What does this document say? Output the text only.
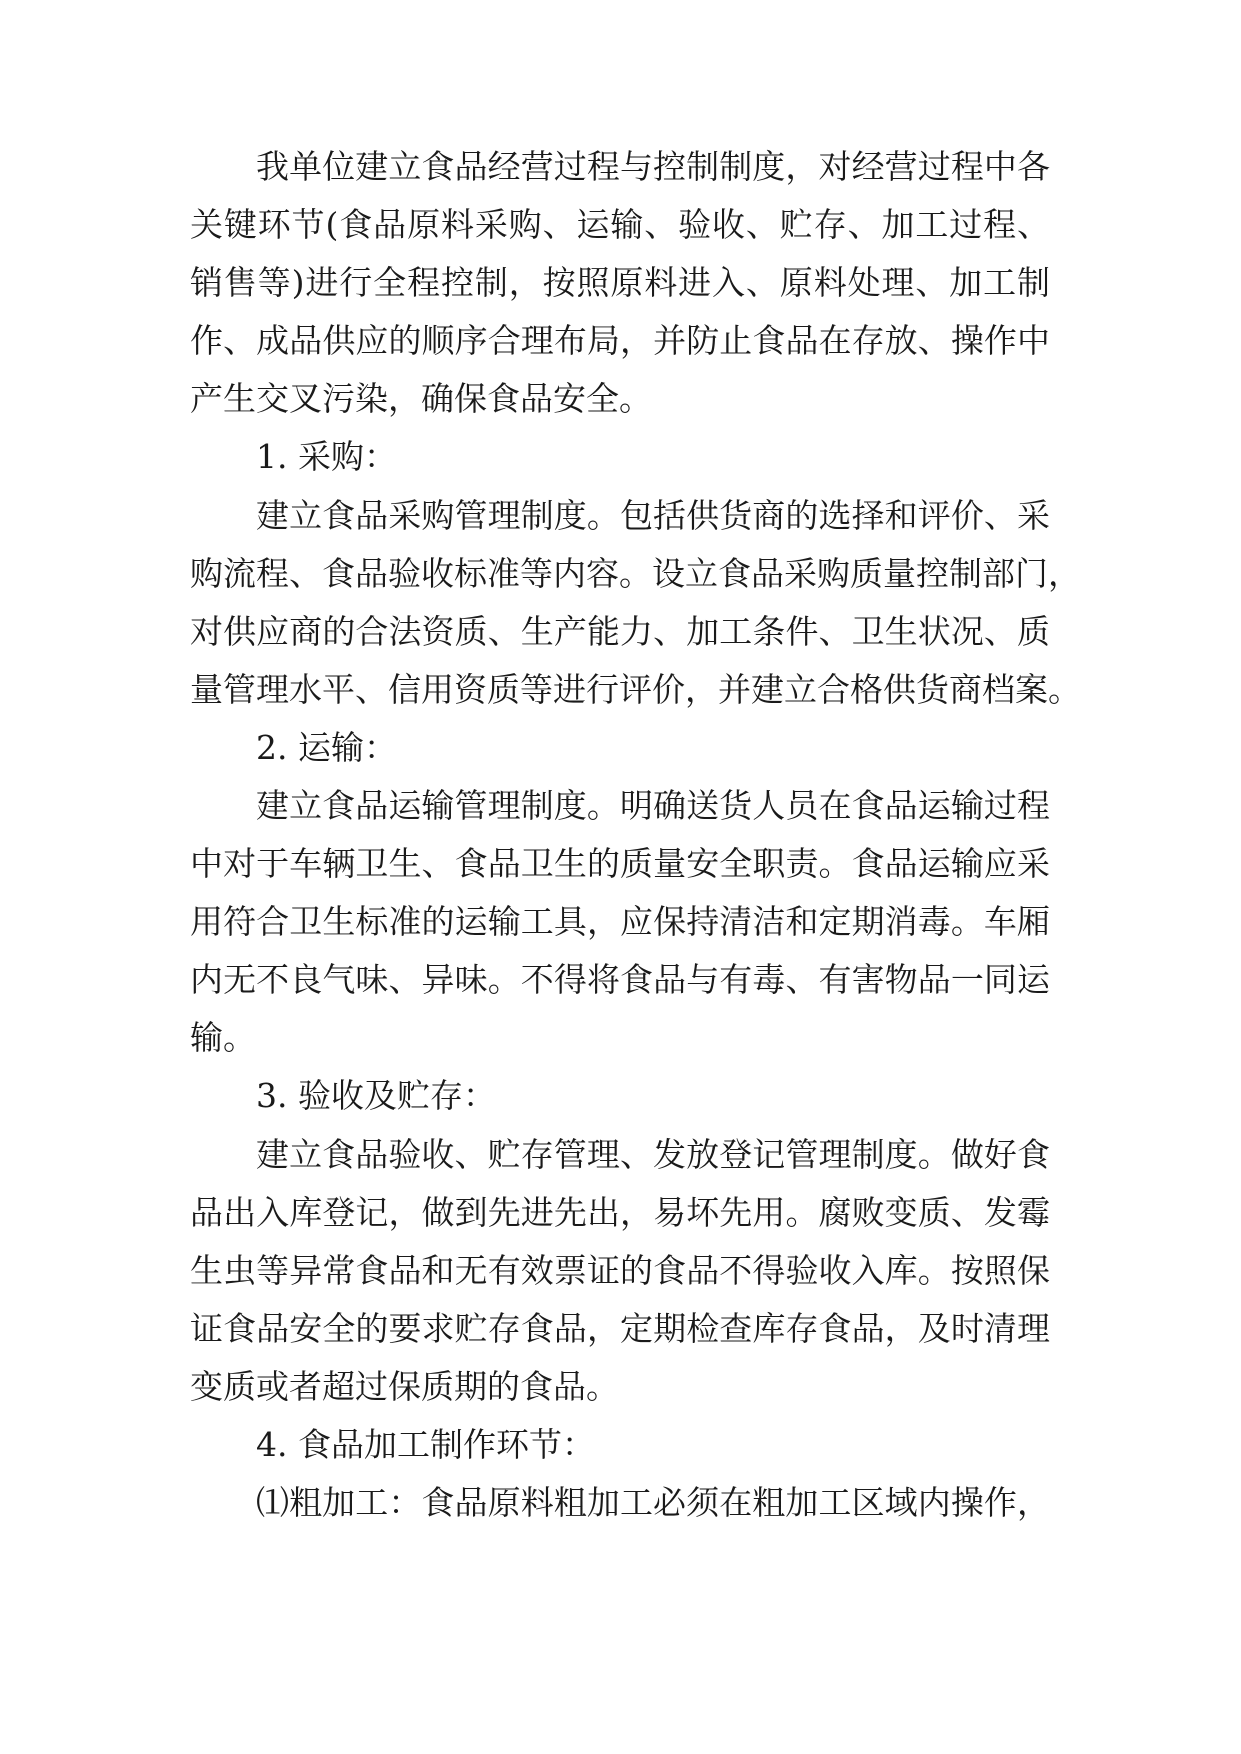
我单位建立食品经营过程与控制制度，对经营过程中各
关键环节(食品原料采购、运输、验收、贮存、加工过程、
销售等)进行全程控制，按照原料进入、原料处理、加工制
作、成品供应的顺序合理布局，并防止食品在存放、操作中
产生交叉污染，确保食品安全。
1. 采购：
建立食品采购管理制度。包括供货商的选择和评价、采
购流程、食品验收标准等内容。设立食品采购质量控制部门，
对供应商的合法资质、生产能力、加工条件、卫生状况、质
量管理水平、信用资质等进行评价，并建立合格供货商档案。
2. 运输：
建立食品运输管理制度。明确送货人员在食品运输过程
中对于车辆卫生、食品卫生的质量安全职责。食品运输应采
用符合卫生标准的运输工具，应保持清洁和定期消毒。车厢
内无不良气味、异味。不得将食品与有毒、有害物品一同运
输。
3. 验收及贮存：
建立食品验收、贮存管理、发放登记管理制度。做好食
品出入库登记，做到先进先出，易坏先用。腐败变质、发霉
生虫等异常食品和无有效票证的食品不得验收入库。按照保
证食品安全的要求贮存食品，定期检查库存食品，及时清理
变质或者超过保质期的食品。
4. 食品加工制作环节：
⑴粗加工：食品原料粗加工必须在粗加工区域内操作，
